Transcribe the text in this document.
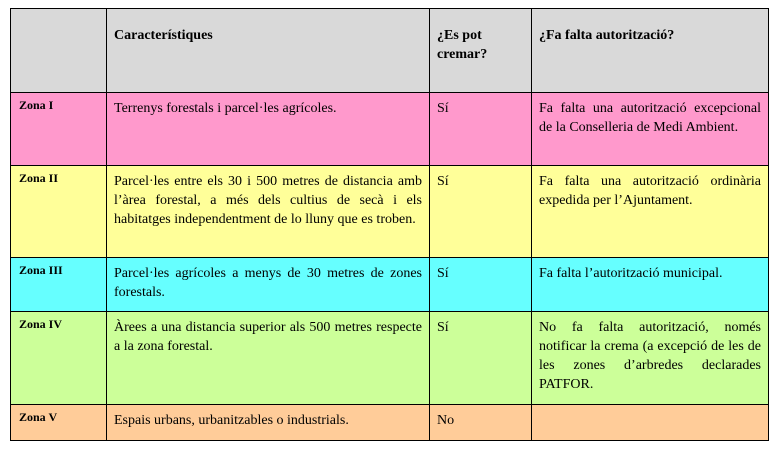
	Característiques	¿Es pot cremar?	¿Fa falta autorització?
Zona I	Terrenys forestals i parcel·les agrícoles.	Sí	Fa falta una autorització excepcional de la Conselleria de Medi Ambient.
Zona II	Parcel·les entre els 30 i 500 metres de distancia amb l’àrea forestal, a més dels cultius de secà i els habitatges independentment de lo lluny que es troben.	Sí	Fa falta una autorització ordinària expedida per l’Ajuntament.
Zona III	Parcel·les agrícoles a menys de 30 metres de zones forestals.	Sí	Fa falta l’autorització municipal.
Zona IV	Àrees a una distancia superior als 500 metres respecte a la zona forestal.	Sí	No fa falta autorització, només notificar la crema (a excepció de les de les zones d’arbredes declarades PATFOR.
Zona V	Espais urbans, urbanitzables o industrials.	No	
